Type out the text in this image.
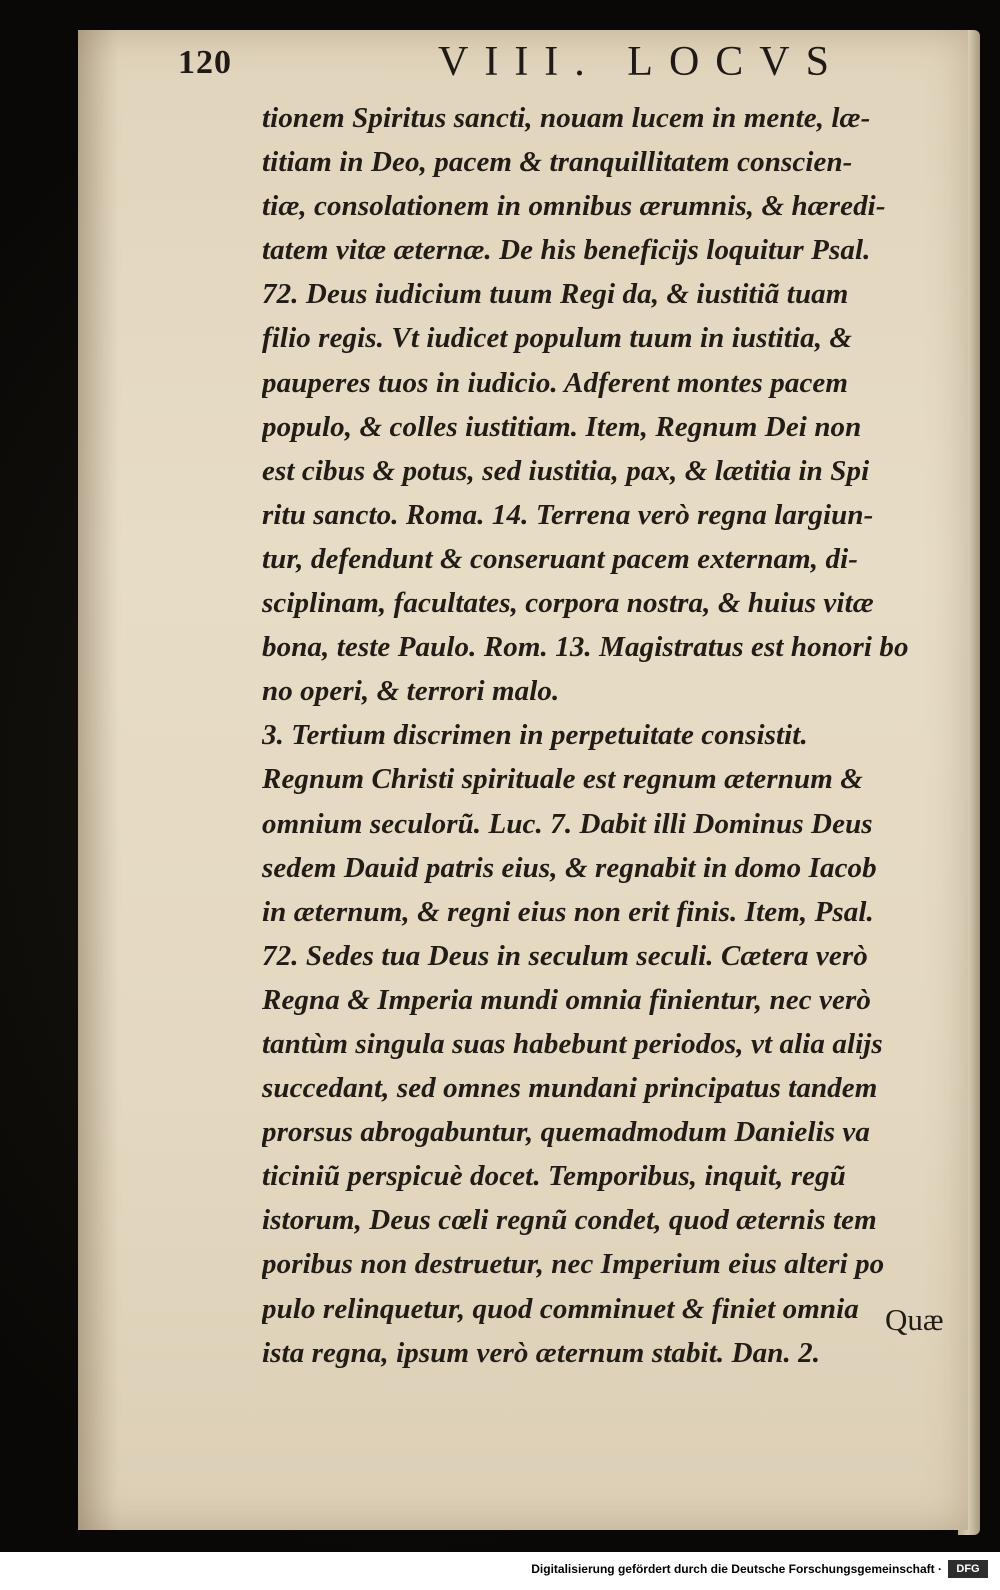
120	VIII. LOCVS
tionem Spiritus sancti, nouam lucem in mente, læ-
titiam in Deo, pacem & tranquillitatem conscien-
tiæ, consolationem in omnibus ærumnis, & hæredi-
tatem vitæ æternæ. De his beneficijs loquitur Psal.
72. Deus iudicium tuum Regi da, & iustitiã tuam
filio regis. Vt iudicet populum tuum in iustitia, &
pauperes tuos in iudicio. Adferent montes pacem
populo, & colles iustitiam. Item, Regnum Dei non
est cibus & potus, sed iustitia, pax, & lætitia in Spi
ritu sancto. Roma. 14. Terrena verò regna largiun-
tur, defendunt & conseruant pacem externam, di-
sciplinam, facultates, corpora nostra, & huius vitæ
bona, teste Paulo. Rom. 13. Magistratus est honori bo
no operi, & terrori malo.
3. Tertium discrimen in perpetuitate consistit.
Regnum Christi spirituale est regnum æternum &
omnium seculorũ. Luc. 7. Dabit illi Dominus Deus
sedem Dauid patris eius, & regnabit in domo Iacob
in æternum, & regni eius non erit finis. Item, Psal.
72. Sedes tua Deus in seculum seculi. Cætera verò
Regna & Imperia mundi omnia finientur, nec verò
tantùm singula suas habebunt periodos, vt alia alijs
succedant, sed omnes mundani principatus tandem
prorsus abrogabuntur, quemadmodum Danielis va
ticiniũ perspicuè docet. Temporibus, inquit, regũ
istorum, Deus cœli regnũ condet, quod æternis tem
poribus non destruetur, nec Imperium eius alteri po
pulo relinquetur, quod comminuet & finiet omnia
ista regna, ipsum verò æternum stabit. Dan. 2.
Quæ
Digitalisierung gefördert durch die Deutsche Forschungsgemeinschaft ·	DFG
